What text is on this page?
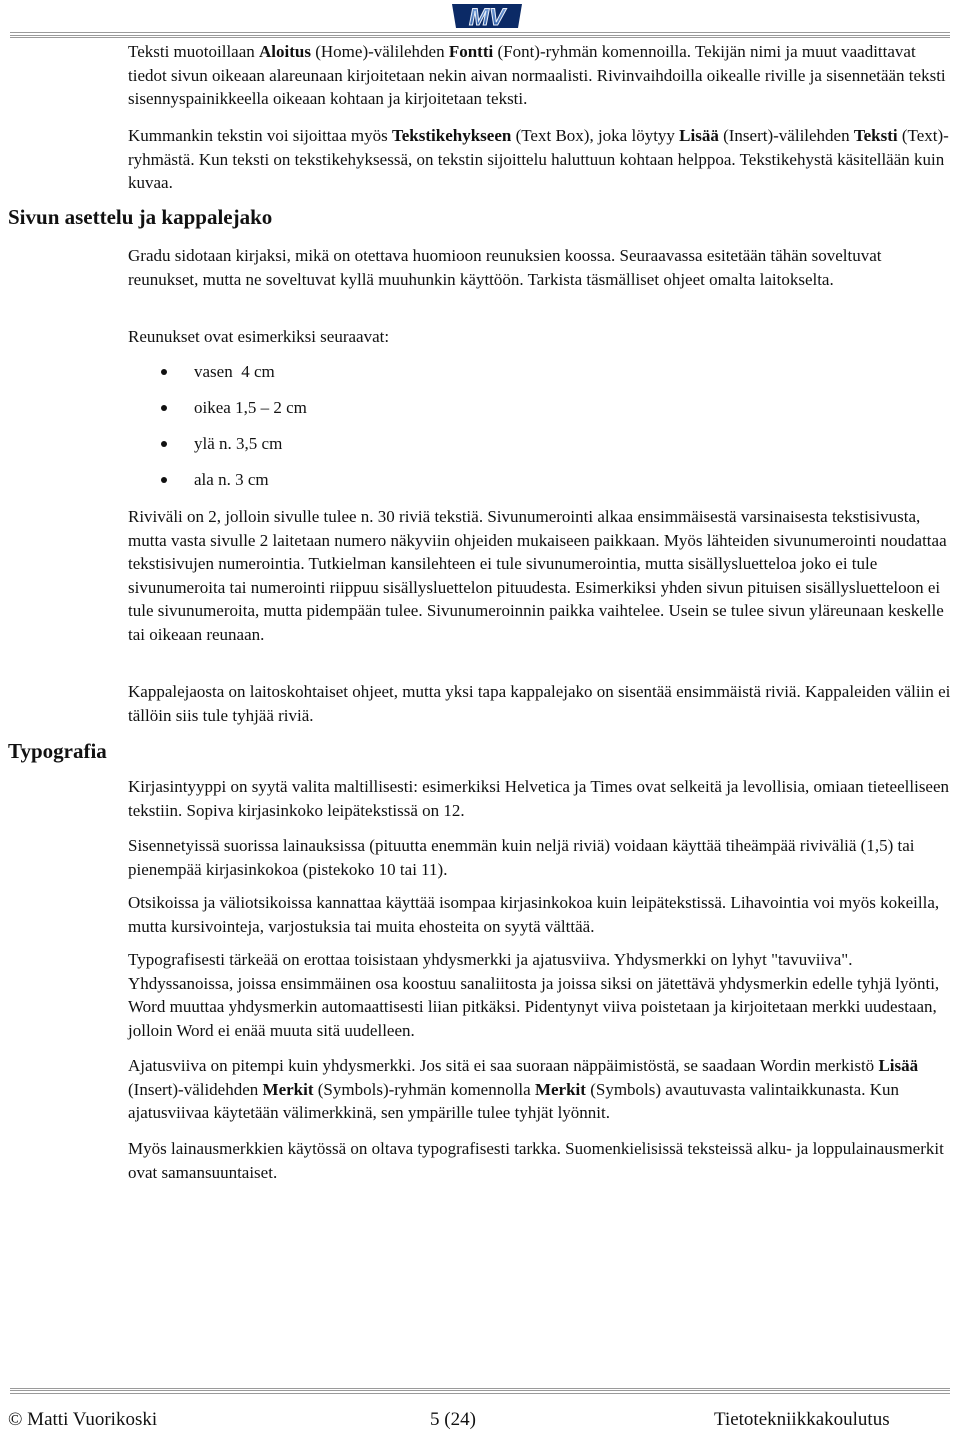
MV

Teksti muotoillaan Aloitus (Home)-välilehden Fontti (Font)-ryhmän komennoilla. Tekijän nimi ja muut vaadittavat tiedot sivun oikeaan alareunaan kirjoitetaan nekin aivan normaalisti. Rivinvaihdoilla oikealle riville ja sisennetään teksti sisennyspainikkeella oikeaan kohtaan ja kirjoitetaan teksti.

Kummankin tekstin voi sijoittaa myös Tekstikehykseen (Text Box), joka löytyy Lisää (Insert)-välilehden Teksti (Text)-ryhmästä. Kun teksti on tekstikehyksessä, on tekstin sijoittelu haluttuun kohtaan helppoa. Tekstikehystä käsitellään kuin kuvaa.

Sivun asettelu ja kappalejako

Gradu sidotaan kirjaksi, mikä on otettava huomioon reunuksien koossa. Seuraavassa esitetään tähän soveltuvat reunukset, mutta ne soveltuvat kyllä muuhunkin käyttöön. Tarkista täsmälliset ohjeet omalta laitokselta.

Reunukset ovat esimerkiksi seuraavat:

vasen  4 cm
oikea 1,5 – 2 cm
ylä n. 3,5 cm
ala n. 3 cm

Riviväli on 2, jolloin sivulle tulee n. 30 riviä tekstiä. Sivunumerointi alkaa ensimmäisestä varsinaisesta tekstisivusta, mutta vasta sivulle 2 laitetaan numero näkyviin ohjeiden mukaiseen paikkaan. Myös lähteiden sivunumerointi noudattaa tekstisivujen numerointia. Tutkielman kansilehteen ei tule sivunumerointia, mutta sisällysluetteloa joko ei tule sivunumeroita tai numerointi riippuu sisällysluettelon pituudesta. Esimerkiksi yhden sivun pituisen sisällysluetteloon ei tule sivunumeroita, mutta pidempään tulee. Sivunumeroinnin paikka vaihtelee. Usein se tulee sivun yläreunaan keskelle tai oikeaan reunaan.

Kappalejaosta on laitoskohtaiset ohjeet, mutta yksi tapa kappalejako on sisentää ensimmäistä riviä. Kappaleiden väliin ei tällöin siis tule tyhjää riviä.

Typografia

Kirjasintyyppi on syytä valita maltillisesti: esimerkiksi Helvetica ja Times ovat selkeitä ja levollisia, omiaan tieteelliseen tekstiin. Sopiva kirjasinkoko leipätekstissä on 12.

Sisennetyissä suorissa lainauksissa (pituutta enemmän kuin neljä riviä) voidaan käyttää tiheämpää riviväliä (1,5) tai pienempää kirjasinkokoa (pistekoko 10 tai 11).

Otsikoissa ja väliotsikoissa kannattaa käyttää isompaa kirjasinkokoa kuin leipätekstissä. Lihavointia voi myös kokeilla, mutta kursivointeja, varjostuksia tai muita ehosteita on syytä välttää.

Typografisesti tärkeää on erottaa toisistaan yhdysmerkki ja ajatusviiva. Yhdysmerkki on lyhyt "tavuviiva". Yhdyssanoissa, joissa ensimmäinen osa koostuu sanaliitosta ja joissa siksi on jätettävä yhdysmerkin edelle tyhjä lyönti, Word muuttaa yhdysmerkin automaattisesti liian pitkäksi. Pidentynyt viiva poistetaan ja kirjoitetaan merkki uudestaan, jolloin Word ei enää muuta sitä uudelleen.

Ajatusviiva on pitempi kuin yhdysmerkki. Jos sitä ei saa suoraan näppäimistöstä, se saadaan Wordin merkistö Lisää (Insert)-välidehden Merkit (Symbols)-ryhmän komennolla Merkit (Symbols) avautuvasta valintaikkunasta. Kun ajatusviivaa käytetään välimerkkinä, sen ympärille tulee tyhjät lyönnit.

Myös lainausmerkkien käytössä on oltava typografisesti tarkka. Suomenkielisissä teksteissä alku- ja loppulainausmerkit ovat samansuuntaiset.

© Matti Vuorikoski	5 (24)	Tietotekniikkakoulutus
